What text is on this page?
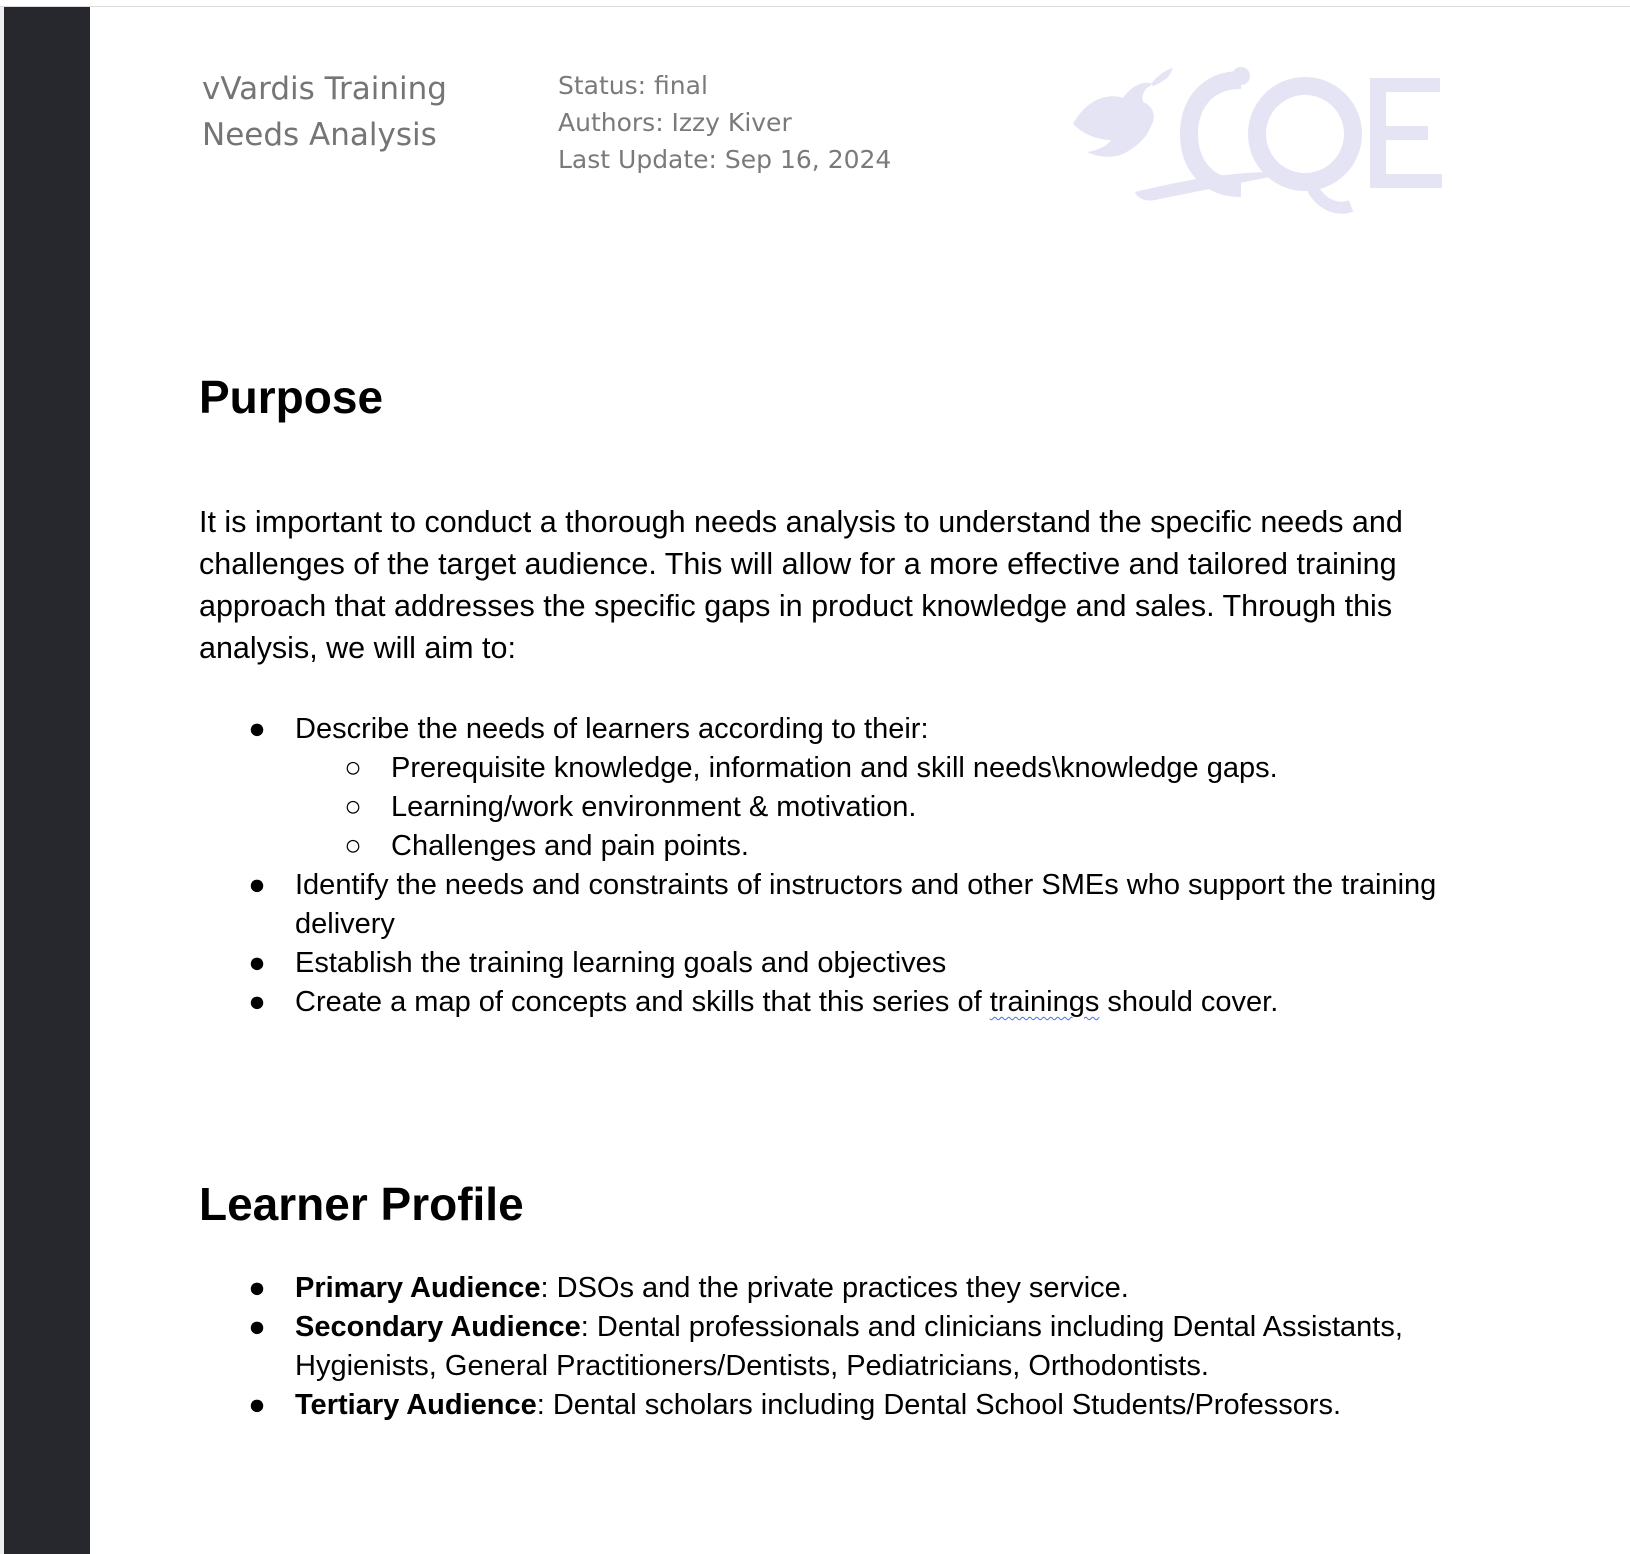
vVardis Training
Needs Analysis
Status: final
Authors: Izzy Kiver
Last Update: Sep 16, 2024
Purpose

It is important to conduct a thorough needs analysis to understand the specific needs and challenges of the target audience. This will allow for a more effective and tailored training approach that addresses the specific gaps in product knowledge and sales. Through this analysis, we will aim to:

● Describe the needs of learners according to their:
○ Prerequisite knowledge, information and skill needs\knowledge gaps.
○ Learning/work environment & motivation.
○ Challenges and pain points.
● Identify the needs and constraints of instructors and other SMEs who support the training delivery
● Establish the training learning goals and objectives
● Create a map of concepts and skills that this series of trainings should cover.
Learner Profile
● Primary Audience: DSOs and the private practices they service.
● Secondary Audience: Dental professionals and clinicians including Dental Assistants, Hygienists, General Practitioners/Dentists, Pediatricians, Orthodontists.
● Tertiary Audience: Dental scholars including Dental School Students/Professors.
